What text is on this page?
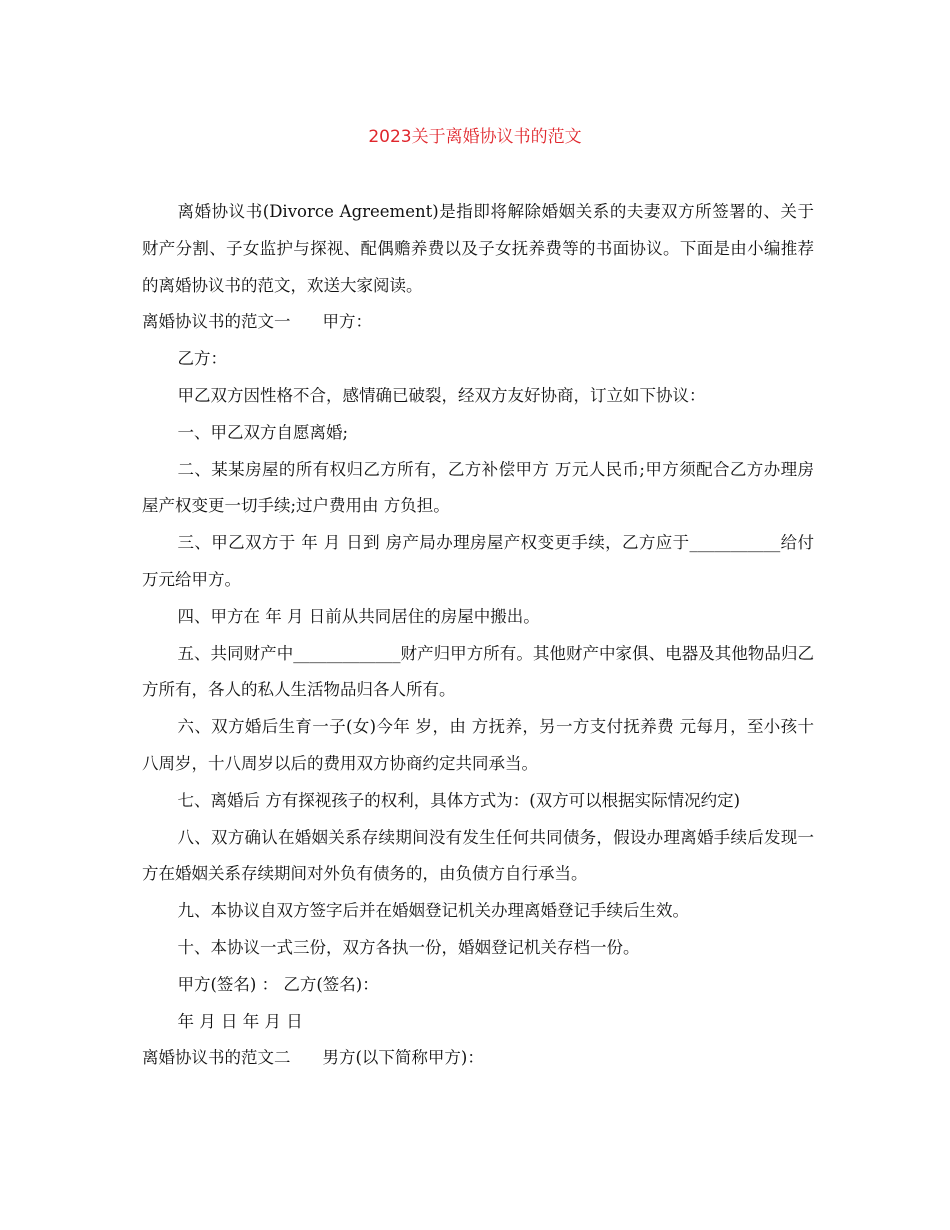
2023关于离婚协议书的范文

离婚协议书(Divorce Agreement)是指即将解除婚姻关系的夫妻双方所签署的、关于财产分割、子女监护与探视、配偶赡养费以及子女抚养费等的书面协议。下面是由小编推荐的离婚协议书的范文，欢送大家阅读。

离婚协议书的范文一 甲方：

乙方：

甲乙双方因性格不合，感情确已破裂，经双方友好协商，订立如下协议：

一、甲乙双方自愿离婚;

二、某某房屋的所有权归乙方所有，乙方补偿甲方 万元人民币;甲方须配合乙方办理房屋产权变更一切手续;过户费用由 方负担。

三、甲乙双方于 年 月 日到 房产局办理房屋产权变更手续，乙方应于___________给付 万元给甲方。

四、甲方在 年 月 日前从共同居住的房屋中搬出。

五、共同财产中_____________财产归甲方所有。其他财产中家俱、电器及其他物品归乙方所有，各人的私人生活物品归各人所有。

六、双方婚后生育一子(女)今年 岁，由 方抚养，另一方支付抚养费 元每月，至小孩十八周岁，十八周岁以后的费用双方协商约定共同承当。

七、离婚后 方有探视孩子的权利，具体方式为：(双方可以根据实际情况约定)

八、双方确认在婚姻关系存续期间没有发生任何共同债务，假设办理离婚手续后发现一方在婚姻关系存续期间对外负有债务的，由负债方自行承当。

九、本协议自双方签字后并在婚姻登记机关办理离婚登记手续后生效。

十、本协议一式三份，双方各执一份，婚姻登记机关存档一份。

甲方(签名) ： 乙方(签名)：

年 月 日 年 月 日

离婚协议书的范文二 男方(以下简称甲方)：
